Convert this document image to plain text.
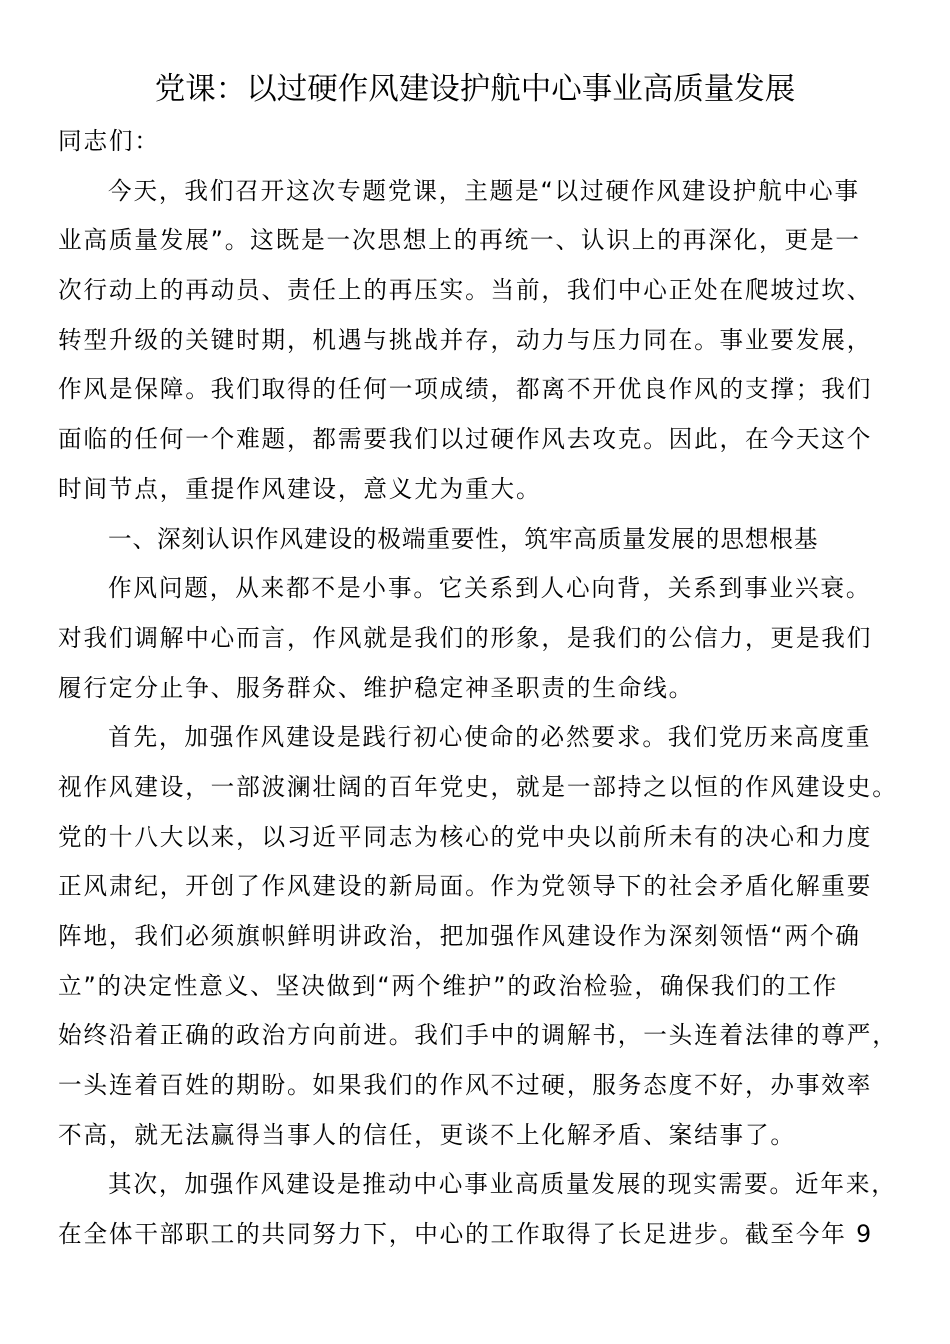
党课：以过硬作风建设护航中心事业高质量发展
同志们：
今天，我们召开这次专题党课，主题是“以过硬作风建设护航中心事
业高质量发展”。这既是一次思想上的再统一、认识上的再深化，更是一
次行动上的再动员、责任上的再压实。当前，我们中心正处在爬坡过坎、
转型升级的关键时期，机遇与挑战并存，动力与压力同在。事业要发展，
作风是保障。我们取得的任何一项成绩，都离不开优良作风的支撑；我们
面临的任何一个难题，都需要我们以过硬作风去攻克。因此，在今天这个
时间节点，重提作风建设，意义尤为重大。
一、深刻认识作风建设的极端重要性，筑牢高质量发展的思想根基
作风问题，从来都不是小事。它关系到人心向背，关系到事业兴衰。
对我们调解中心而言，作风就是我们的形象，是我们的公信力，更是我们
履行定分止争、服务群众、维护稳定神圣职责的生命线。
首先，加强作风建设是践行初心使命的必然要求。我们党历来高度重
视作风建设，一部波澜壮阔的百年党史，就是一部持之以恒的作风建设史。
党的十八大以来，以习近平同志为核心的党中央以前所未有的决心和力度
正风肃纪，开创了作风建设的新局面。作为党领导下的社会矛盾化解重要
阵地，我们必须旗帜鲜明讲政治，把加强作风建设作为深刻领悟“两个确
立”的决定性意义、坚决做到“两个维护”的政治检验，确保我们的工作
始终沿着正确的政治方向前进。我们手中的调解书，一头连着法律的尊严，
一头连着百姓的期盼。如果我们的作风不过硬，服务态度不好，办事效率
不高，就无法赢得当事人的信任，更谈不上化解矛盾、案结事了。
其次，加强作风建设是推动中心事业高质量发展的现实需要。近年来，
在全体干部职工的共同努力下，中心的工作取得了长足进步。截至今年 9
